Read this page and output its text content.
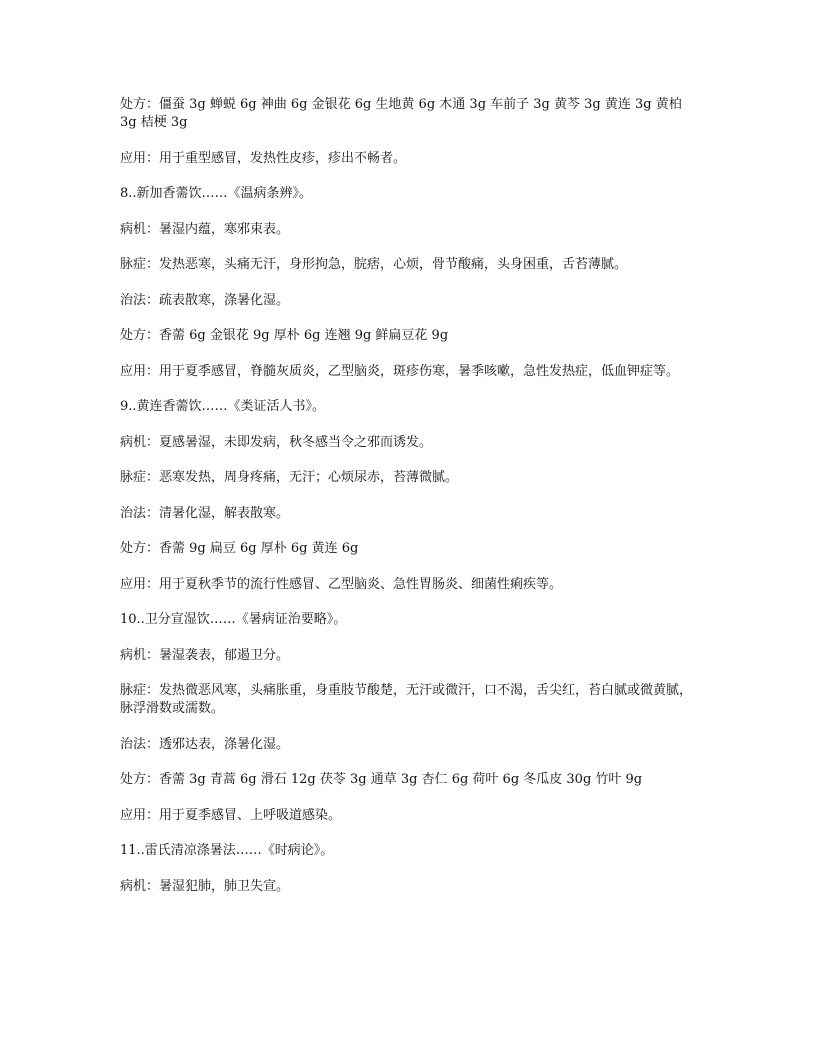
处方：僵蚕 3g 蝉蜕 6g 神曲 6g 金银花 6g 生地黄 6g 木通 3g 车前子 3g 黄芩 3g 黄连 3g 黄柏 3g 桔梗 3g

应用：用于重型感冒，发热性皮疹，疹出不畅者。

8..新加香薷饮……《温病条辨》。

病机：暑湿内蕴，寒邪束表。

脉症：发热恶寒，头痛无汗，身形拘急，脘痞，心烦，骨节酸痛，头身困重，舌苔薄腻。

治法：疏表散寒，涤暑化湿。

处方：香薷 6g 金银花 9g 厚朴 6g 连翘 9g 鲜扁豆花 9g

应用：用于夏季感冒，脊髓灰质炎，乙型脑炎，斑疹伤寒，暑季咳嗽，急性发热症，低血钾症等。

9..黄连香薷饮……《类证活人书》。

病机：夏感暑湿，未即发病，秋冬感当令之邪而诱发。

脉症：恶寒发热，周身疼痛，无汗；心烦尿赤，苔薄微腻。

治法：清暑化湿，解表散寒。

处方：香薷 9g 扁豆 6g 厚朴 6g 黄连 6g

应用：用于夏秋季节的流行性感冒、乙型脑炎、急性胃肠炎、细菌性痢疾等。

10..卫分宣湿饮……《暑病证治要略》。

病机：暑湿袭表，郁遏卫分。

脉症：发热微恶风寒，头痛胀重，身重肢节酸楚，无汗或微汗，口不渴，舌尖红，苔白腻或微黄腻，脉浮滑数或濡数。

治法：透邪达表，涤暑化湿。

处方：香薷 3g 青蒿 6g 滑石 12g 茯苓 3g 通草 3g 杏仁 6g 荷叶 6g 冬瓜皮 30g 竹叶 9g

应用：用于夏季感冒、上呼吸道感染。

11..雷氏清凉涤暑法……《时病论》。

病机：暑湿犯肺，肺卫失宣。
